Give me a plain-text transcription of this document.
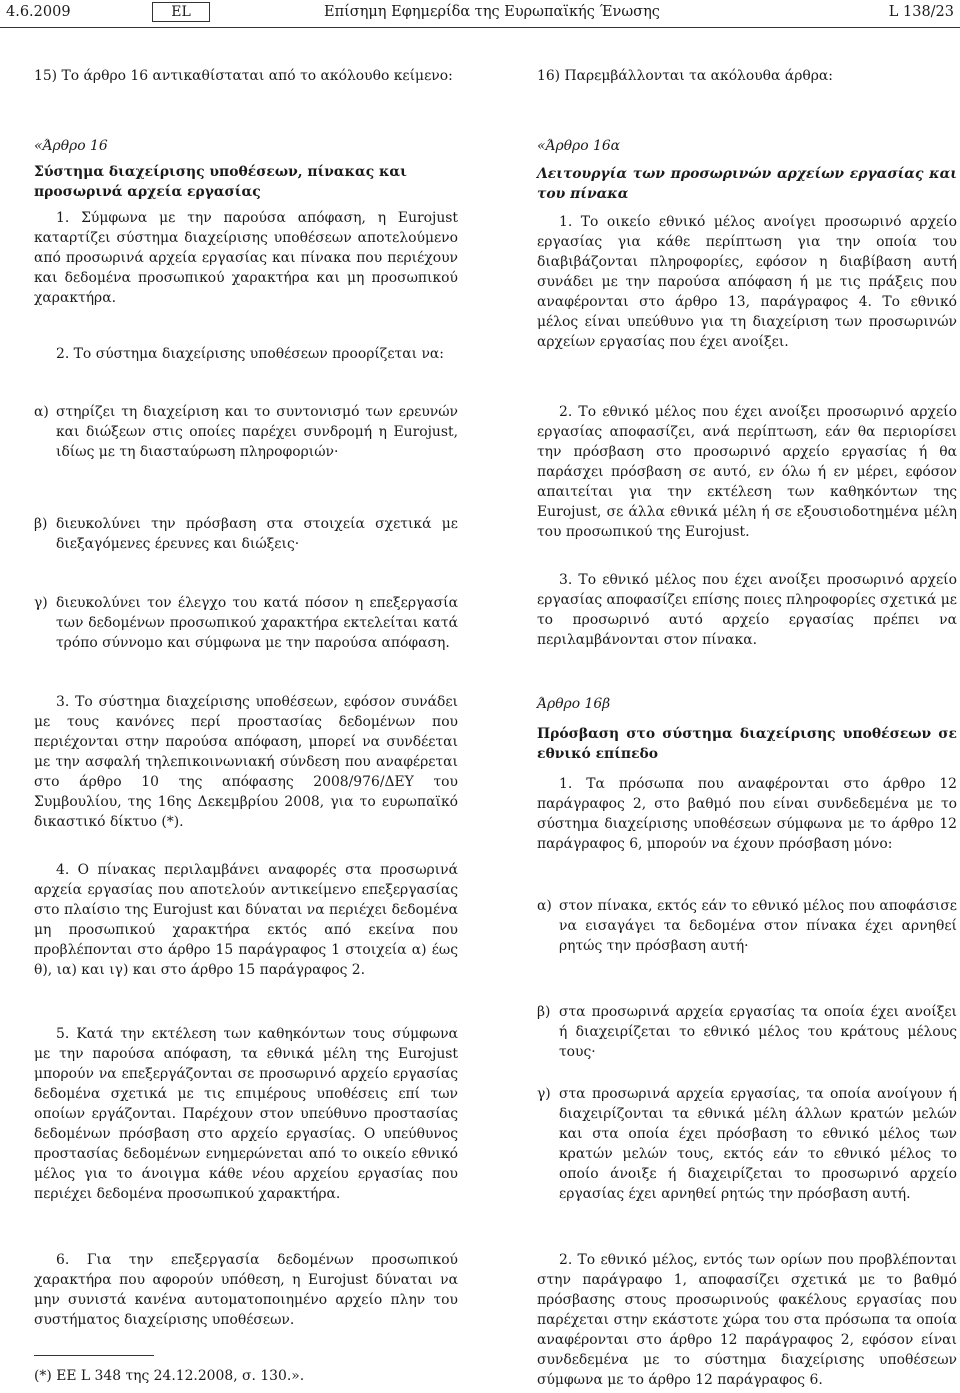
4.6.2009	EL	Επίσημη Εφημερίδα της Ευρωπαϊκής Ένωσης	L 138/23
15) Το άρθρο 16 αντικαθίσταται από το ακόλουθο κείμενο:
«Άρθρο 16
Σύστημα διαχείρισης υποθέσεων, πίνακας και προσωρινά αρχεία εργασίας
1. Σύμφωνα με την παρούσα απόφαση, η Eurojust καταρτίζει σύστημα διαχείρισης υποθέσεων αποτελούμενο από προσωρινά αρχεία εργασίας και πίνακα που περιέχουν και δεδομένα προσωπικού χαρακτήρα και μη προσωπικού χαρακτήρα.
2. Το σύστημα διαχείρισης υποθέσεων προορίζεται να:
α) στηρίζει τη διαχείριση και το συντονισμό των ερευνών και διώξεων στις οποίες παρέχει συνδρομή η Eurojust, ιδίως με τη διασταύρωση πληροφοριών·
β) διευκολύνει την πρόσβαση στα στοιχεία σχετικά με διεξαγόμενες έρευνες και διώξεις·
γ) διευκολύνει τον έλεγχο του κατά πόσον η επεξεργασία των δεδομένων προσωπικού χαρακτήρα εκτελείται κατά τρόπο σύννομο και σύμφωνα με την παρούσα απόφαση.
3. Το σύστημα διαχείρισης υποθέσεων, εφόσον συνάδει με τους κανόνες περί προστασίας δεδομένων που περιέχονται στην παρούσα απόφαση, μπορεί να συνδέεται με την ασφαλή τηλεπικοινωνιακή σύνδεση που αναφέρεται στο άρθρο 10 της απόφασης 2008/976/ΔΕΥ του Συμβουλίου, της 16ης Δεκεμβρίου 2008, για το ευρωπαϊκό δικαστικό δίκτυο (*).
4. Ο πίνακας περιλαμβάνει αναφορές στα προσωρινά αρχεία εργασίας που αποτελούν αντικείμενο επεξεργασίας στο πλαίσιο της Eurojust και δύναται να περιέχει δεδομένα μη προσωπικού χαρακτήρα εκτός από εκείνα που προβλέπονται στο άρθρο 15 παράγραφος 1 στοιχεία α) έως θ), ια) και ιγ) και στο άρθρο 15 παράγραφος 2.
5. Κατά την εκτέλεση των καθηκόντων τους σύμφωνα με την παρούσα απόφαση, τα εθνικά μέλη της Eurojust μπορούν να επεξεργάζονται σε προσωρινό αρχείο εργασίας δεδομένα σχετικά με τις επιμέρους υποθέσεις επί των οποίων εργάζονται. Παρέχουν στον υπεύθυνο προστασίας δεδομένων πρόσβαση στο αρχείο εργασίας. Ο υπεύθυνος προστασίας δεδομένων ενημερώνεται από το οικείο εθνικό μέλος για το άνοιγμα κάθε νέου αρχείου εργασίας που περιέχει δεδομένα προσωπικού χαρακτήρα.
6. Για την επεξεργασία δεδομένων προσωπικού χαρακτήρα που αφορούν υπόθεση, η Eurojust δύναται να μην συνιστά κανένα αυτοματοποιημένο αρχείο πλην του συστήματος διαχείρισης υποθέσεων.
(*) ΕΕ L 348 της 24.12.2008, σ. 130.».
16) Παρεμβάλλονται τα ακόλουθα άρθρα:
«Άρθρο 16α
Λειτουργία των προσωρινών αρχείων εργασίας και του πίνακα
1. Το οικείο εθνικό μέλος ανοίγει προσωρινό αρχείο εργασίας για κάθε περίπτωση για την οποία του διαβιβάζονται πληροφορίες, εφόσον η διαβίβαση αυτή συνάδει με την παρούσα απόφαση ή με τις πράξεις που αναφέρονται στο άρθρο 13, παράγραφος 4. Το εθνικό μέλος είναι υπεύθυνο για τη διαχείριση των προσωρινών αρχείων εργασίας που έχει ανοίξει.
2. Το εθνικό μέλος που έχει ανοίξει προσωρινό αρχείο εργασίας αποφασίζει, ανά περίπτωση, εάν θα περιορίσει την πρόσβαση στο προσωρινό αρχείο εργασίας ή θα παράσχει πρόσβαση σε αυτό, εν όλω ή εν μέρει, εφόσον απαιτείται για την εκτέλεση των καθηκόντων της Eurojust, σε άλλα εθνικά μέλη ή σε εξουσιοδοτημένα μέλη του προσωπικού της Eurojust.
3. Το εθνικό μέλος που έχει ανοίξει προσωρινό αρχείο εργασίας αποφασίζει επίσης ποιες πληροφορίες σχετικά με το προσωρινό αυτό αρχείο εργασίας πρέπει να περιλαμβάνονται στον πίνακα.
Άρθρο 16β
Πρόσβαση στο σύστημα διαχείρισης υποθέσεων σε εθνικό επίπεδο
1. Τα πρόσωπα που αναφέρονται στο άρθρο 12 παράγραφος 2, στο βαθμό που είναι συνδεδεμένα με το σύστημα διαχείρισης υποθέσεων σύμφωνα με το άρθρο 12 παράγραφος 6, μπορούν να έχουν πρόσβαση μόνο:
α) στον πίνακα, εκτός εάν το εθνικό μέλος που αποφάσισε να εισαγάγει τα δεδομένα στον πίνακα έχει αρνηθεί ρητώς την πρόσβαση αυτή·
β) στα προσωρινά αρχεία εργασίας τα οποία έχει ανοίξει ή διαχειρίζεται το εθνικό μέλος του κράτους μέλους τους·
γ) στα προσωρινά αρχεία εργασίας, τα οποία ανοίγουν ή διαχειρίζονται τα εθνικά μέλη άλλων κρατών μελών και στα οποία έχει πρόσβαση το εθνικό μέλος των κρατών μελών τους, εκτός εάν το εθνικό μέλος το οποίο άνοιξε ή διαχειρίζεται το προσωρινό αρχείο εργασίας έχει αρνηθεί ρητώς την πρόσβαση αυτή.
2. Το εθνικό μέλος, εντός των ορίων που προβλέπονται στην παράγραφο 1, αποφασίζει σχετικά με το βαθμό πρόσβασης στους προσωρινούς φακέλους εργασίας που παρέχεται στην εκάστοτε χώρα του στα πρόσωπα τα οποία αναφέρονται στο άρθρο 12 παράγραφος 2, εφόσον είναι συνδεδεμένα με το σύστημα διαχείρισης υποθέσεων σύμφωνα με το άρθρο 12 παράγραφος 6.
